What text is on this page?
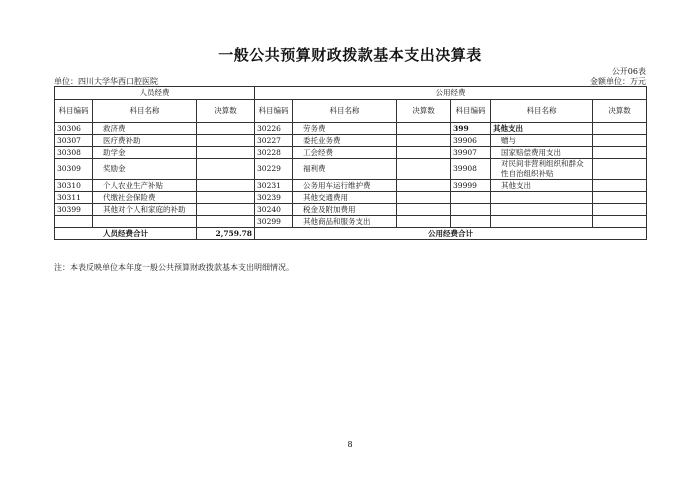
一般公共预算财政拨款基本支出决算表
公开06表
单位：四川大学华西口腔医院	金额单位：万元
人员经费			公用经费					
科目编码	科目名称	决算数	科目编码	科目名称	决算数	科目编码	科目名称	决算数
30306	救济费		30226	劳务费		399	其他支出	
30307	医疗费补助		30227	委托业务费		39906	赠与	
30308	助学金		30228	工会经费		39907	国家赔偿费用支出	
30309	奖励金		30229	福利费		39908	对民间非营利组织和群众性自治组织补贴	
30310	个人农业生产补贴		30231	公务用车运行维护费		39999	其他支出	
30311	代缴社会保险费		30239	其他交通费用				
30399	其他对个人和家庭的补助		30240	税金及附加费用				
			30299	其他商品和服务支出				
人员经费合计		2,759.78	公用经费合计					
注：本表反映单位本年度一般公共预算财政拨款基本支出明细情况。
8
